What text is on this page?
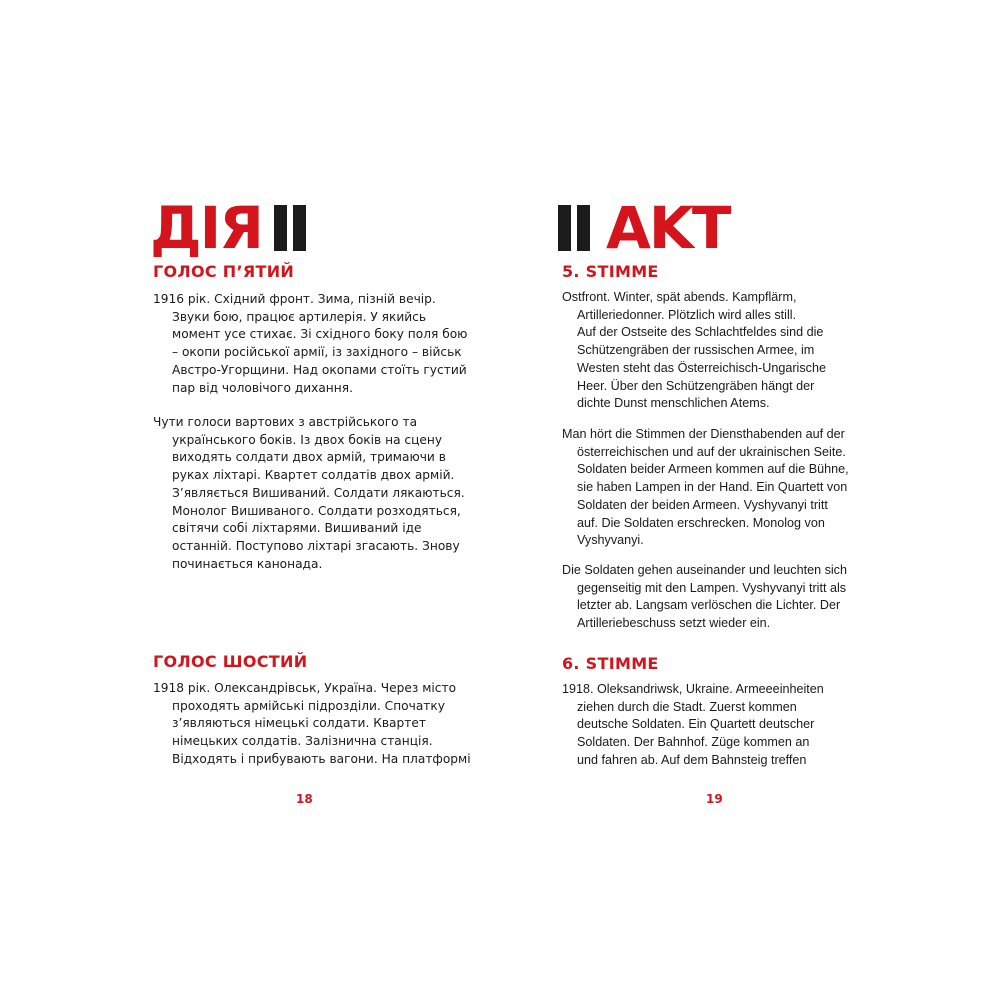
ДІЯ
ГОЛОС П’ЯТИЙ
1916 рік. Східний фронт. Зима, пізній вечір.
Звуки бою, працює артилерія. У якийсь
момент усе стихає. Зі східного боку поля бою
– окопи російської армії, із західного – військ
Австро-Угорщини. Над окопами стоїть густий
пар від чоловічого дихання.
Чути голоси вартових з австрійського та
українського боків. Із двох боків на сцену
виходять солдати двох армій, тримаючи в
руках ліхтарі. Квартет солдатів двох армій.
З’являється Вишиваний. Солдати лякаються.
Монолог Вишиваного. Солдати розходяться,
світячи собі ліхтарями. Вишиваний іде
останній. Поступово ліхтарі згасають. Знову
починається канонада.
ГОЛОС ШОСТИЙ
1918 рік. Олександрівськ, Україна. Через місто
проходять армійські підрозділи. Спочатку
з’являються німецькі солдати. Квартет
німецьких солдатів. Залізнична станція.
Відходять і прибувають вагони. На платформі
18
AKT
5. STIMME
Ostfront. Winter, spät abends. Kampflärm,
Artilleriedonner. Plötzlich wird alles still.
Auf der Ostseite des Schlachtfeldes sind die
Schützengräben der russischen Armee, im
Westen steht das Österreichisch-Ungarische
Heer. Über den Schützengräben hängt der
dichte Dunst menschlichen Atems.
Man hört die Stimmen der Diensthabenden auf der
österreichischen und auf der ukrainischen Seite.
Soldaten beider Armeen kommen auf die Bühne,
sie haben Lampen in der Hand. Ein Quartett von
Soldaten der beiden Armeen. Vyshyvanyi tritt
auf. Die Soldaten erschrecken. Monolog von
Vyshyvanyi.
Die Soldaten gehen auseinander und leuchten sich
gegenseitig mit den Lampen. Vyshyvanyi tritt als
letzter ab. Langsam verlöschen die Lichter. Der
Artilleriebeschuss setzt wieder ein.
6. STIMME
1918. Oleksandriwsk, Ukraine. Armeeeinheiten
ziehen durch die Stadt. Zuerst kommen
deutsche Soldaten. Ein Quartett deutscher
Soldaten. Der Bahnhof. Züge kommen an
und fahren ab. Auf dem Bahnsteig treffen
19
